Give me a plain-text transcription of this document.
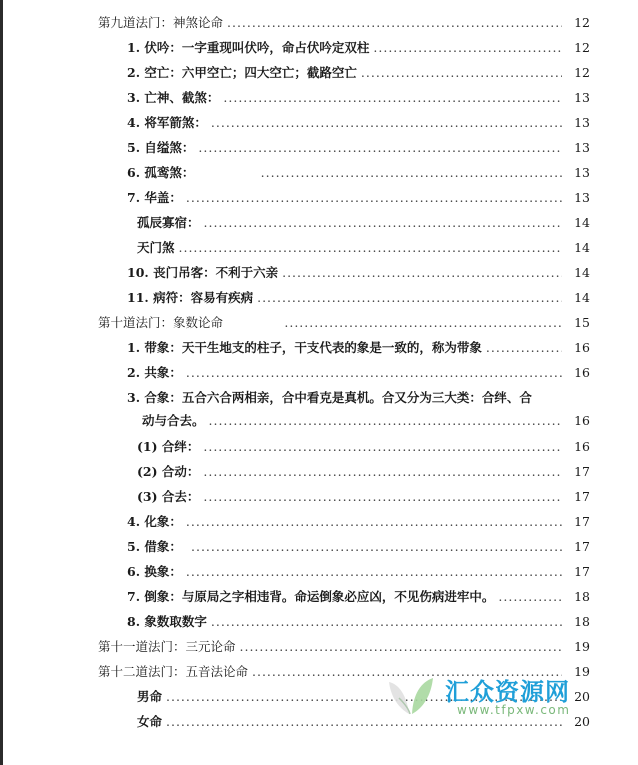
第九道法门：神煞论命 .....	12
1. 伏吟：一字重现叫伏吟，命占伏吟定双柱 .....	12
2. 空亡：六甲空亡；四大空亡；截路空亡 .....	12
3. 亡神、截煞： .....	13
4. 将军箭煞： .....	13
5. 自缢煞： .....	13
6. 孤鸾煞： .....	13
7. 华盖： .....	13
孤辰寡宿： .....	14
天门煞 .....	14
10. 丧门吊客：不利于六亲 .....	14
11. 病符：容易有疾病 .....	14
第十道法门：象数论命 .....	15
1. 带象：天干生地支的柱子，干支代表的象是一致的，称为带象 .....	16
2. 共象： .....	16
3. 合象：五合六合两相亲，合中看克是真机。合又分为三大类：合绊、合
动与合去。 .....	16
(1) 合绊： .....	16
(2) 合动： .....	17
(3) 合去： .....	17
4. 化象： .....	17
5. 借象： .....	17
6. 换象： .....	17
7. 倒象：与原局之字相违背。命运倒象必应凶，不见伤病进牢中。 .....	18
8. 象数取数字 .....	18
第十一道法门：三元论命 .....	19
第十二道法门：五音法论命 .....	19
男命 .....	20
女命 .....	20
汇众资源网
www.tfpxw.com
